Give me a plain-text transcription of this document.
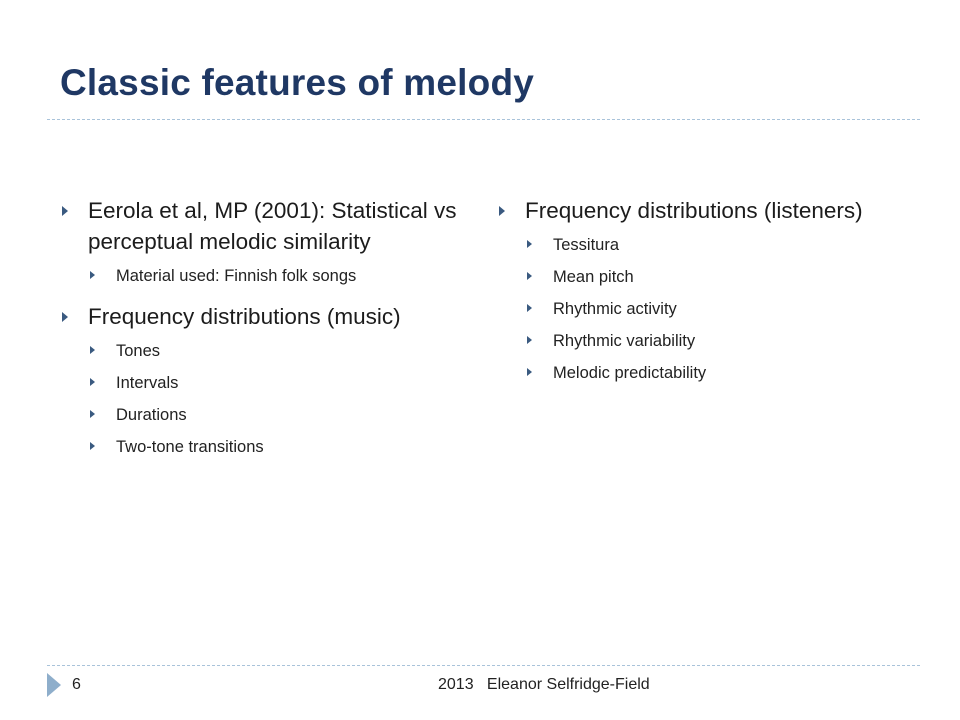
Classic features of melody
Eerola et al, MP (2001): Statistical vs perceptual melodic similarity
Material used: Finnish folk songs
Frequency distributions (music)
Tones
Intervals
Durations
Two-tone transitions
Frequency distributions (listeners)
Tessitura
Mean pitch
Rhythmic activity
Rhythmic variability
Melodic predictability
6	2013   Eleanor Selfridge-Field
